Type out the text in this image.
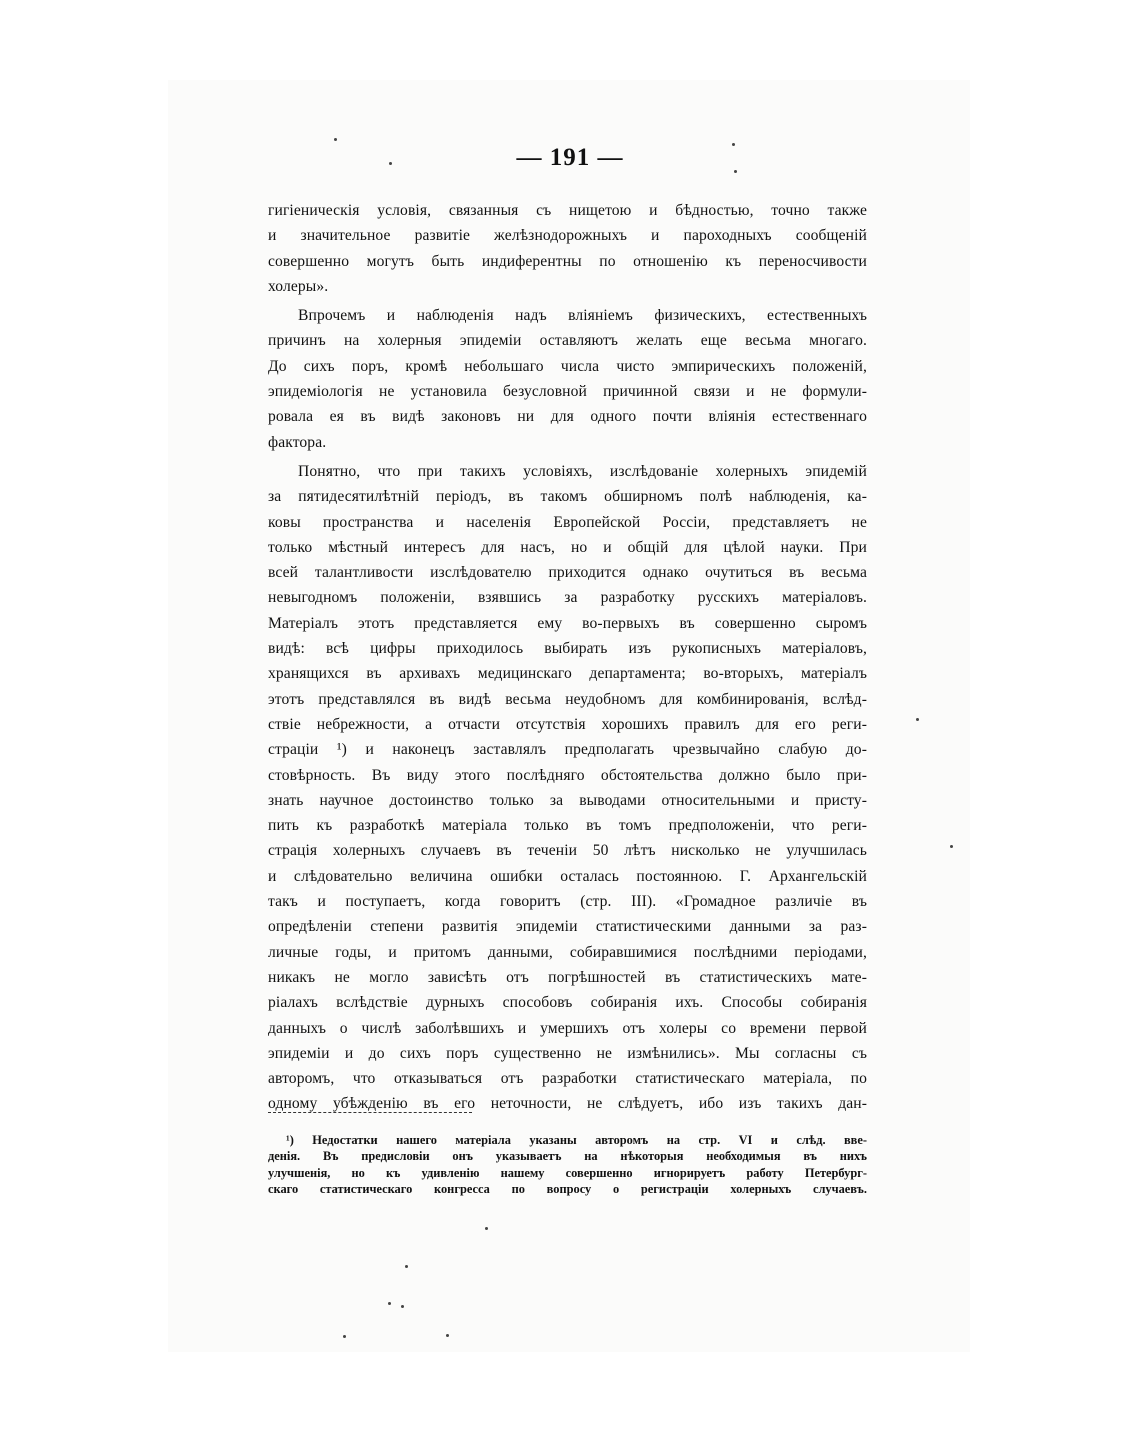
— 191 —
гигіеническія условія, связанныя съ нищетою и бѣдностью, точно также
и значительное развитіе желѣзнодорожныхъ и пароходныхъ сообщеній
совершенно могутъ быть индиферентны по отношенію къ переносчивости
холеры».
Впрочемъ и наблюденія надъ вліяніемъ физическихъ, естественныхъ
причинъ на холерныя эпидеміи оставляютъ желать еще весьма многаго.
До сихъ поръ, кромѣ небольшаго числа чисто эмпирическихъ положеній,
эпидеміологія не установила безусловной причинной связи и не формули-
ровала ея въ видѣ законовъ ни для одного почти вліянія естественнаго
фактора.
Понятно, что при такихъ условіяхъ, изслѣдованіе холерныхъ эпидемій
за пятидесятилѣтній періодъ, въ такомъ обширномъ полѣ наблюденія, ка-
ковы пространства и населенія Европейской Россіи, представляетъ не
только мѣстный интересъ для насъ, но и общій для цѣлой науки. При
всей талантливости изслѣдователю приходится однако очутиться въ весьма
невыгодномъ положеніи, взявшись за разработку русскихъ матеріаловъ.
Матеріалъ этотъ представляется ему во-первыхъ въ совершенно сыромъ
видѣ: всѣ цифры приходилось выбирать изъ рукописныхъ матеріаловъ,
хранящихся въ архивахъ медицинскаго департамента; во-вторыхъ, матеріалъ
этотъ представлялся въ видѣ весьма неудобномъ для комбинированія, вслѣд-
ствіе небрежности, а отчасти отсутствія хорошихъ правилъ для его реги-
страціи ¹) и наконецъ заставлялъ предполагать чрезвычайно слабую до-
стовѣрность. Въ виду этого послѣдняго обстоятельства должно было при-
знать научное достоинство только за выводами относительными и присту-
пить къ разработкѣ матеріала только въ томъ предположеніи, что реги-
страція холерныхъ случаевъ въ теченіи 50 лѣтъ нисколько не улучшилась
и слѣдовательно величина ошибки осталась постоянною. Г. Архангельскій
такъ и поступаетъ, когда говоритъ (стр. III). «Громадное различіе въ
опредѣленіи степени развитія эпидеміи статистическими данными за раз-
личные годы, и притомъ данными, собиравшимися послѣдними періодами,
никакъ не могло зависѣть отъ погрѣшностей въ статистическихъ мате-
ріалахъ вслѣдствіе дурныхъ способовъ собиранія ихъ. Способы собиранія
данныхъ о числѣ заболѣвшихъ и умершихъ отъ холеры со времени первой
эпидеміи и до сихъ поръ существенно не измѣнились». Мы согласны съ
авторомъ, что отказываться отъ разработки статистическаго матеріала, по
одному убѣжденію въ его неточности, не слѣдуетъ, ибо изъ такихъ дан-
¹) Недостатки нашего матеріала указаны авторомъ на стр. VI и слѣд. вве-
денія. Въ предисловіи онъ указываетъ на нѣкоторыя необходимыя въ нихъ
улучшенія, но къ удивленію нашему совершенно игнорируетъ работу Петербург-
скаго статистическаго конгресса по вопросу о регистраціи холерныхъ случаевъ.
